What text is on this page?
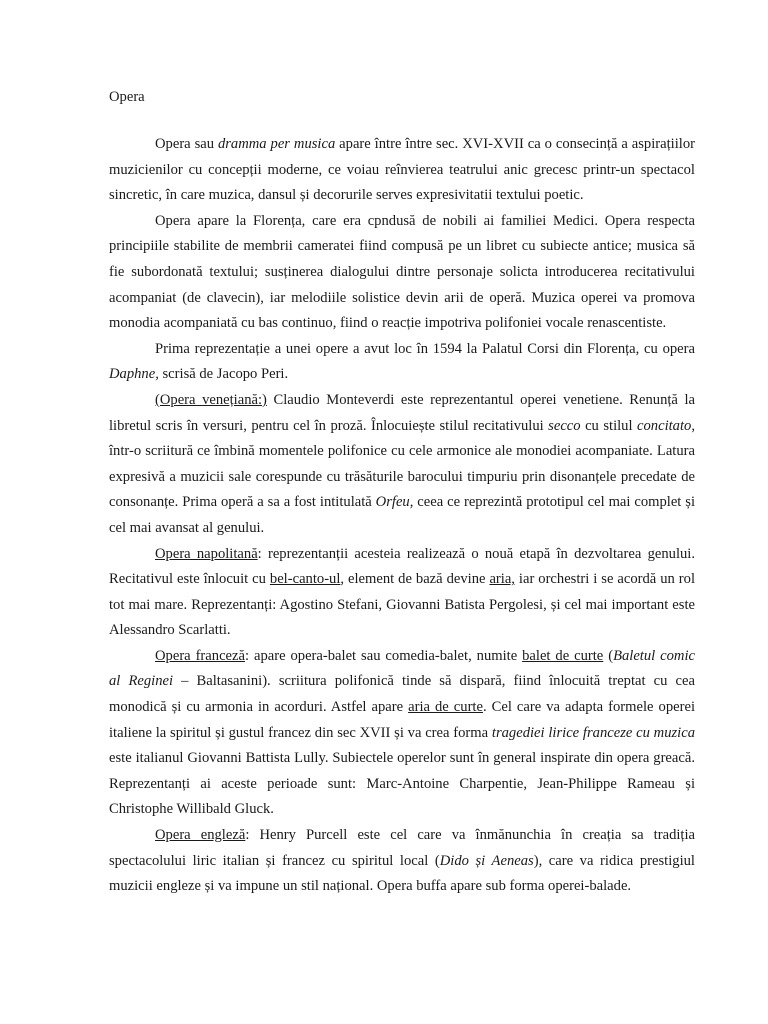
Opera

Opera sau dramma per musica apare între între sec. XVI-XVII ca o consecință a aspirațiilor muzicienilor cu concepții moderne, ce voiau reînvierea teatrului anic grecesc printr-un spectacol sincretic, în care muzica, dansul și decorurile serves expresivitatii textului poetic.

Opera apare la Florența, care era cpndusă de nobili ai familiei Medici. Opera respecta principiile stabilite de membrii cameratei fiind compusă pe un libret cu subiecte antice; musica să fie subordonată textului; susținerea dialogului dintre personaje solicta introducerea recitativului acompaniat (de clavecin), iar melodiile solistice devin arii de operă. Muzica operei va promova monodia acompaniată cu bas continuo, fiind o reacție impotriva polifoniei vocale renascentiste.

Prima reprezentație a unei opere a avut loc în 1594 la Palatul Corsi din Florența, cu opera Daphne, scrisă de Jacopo Peri.

(Opera venețiană:) Claudio Monteverdi este reprezentantul operei venetiene. Renunță la libretul scris în versuri, pentru cel în proză. Înlocuiește stilul recitativului secco cu stilul concitato, într-o scriitură ce îmbină momentele polifonice cu cele armonice ale monodiei acompaniate. Latura expresivă a muzicii sale corespunde cu trăsăturile barocului timpuriu prin disonanțele precedate de consonanțe. Prima operă a sa a fost intitulată Orfeu, ceea ce reprezintă prototipul cel mai complet și cel mai avansat al genului.

Opera napolitană: reprezentanții acesteia realizează o nouă etapă în dezvoltarea genului. Recitativul este înlocuit cu bel-canto-ul, element de bază devine aria, iar orchestri i se acordă un rol tot mai mare. Reprezentanți: Agostino Stefani, Giovanni Batista Pergolesi, și cel mai important este Alessandro Scarlatti.

Opera franceză: apare opera-balet sau comedia-balet, numite balet de curte (Baletul comic al Reginei – Baltasanini). scriitura polifonică tinde să dispară, fiind înlocuită treptat cu cea monodică și cu armonia in acorduri. Astfel apare aria de curte. Cel care va adapta formele operei italiene la spiritul și gustul francez din sec XVII și va crea forma tragediei lirice franceze cu muzica este italianul Giovanni Battista Lully. Subiectele operelor sunt în general inspirate din opera greacă. Reprezentanți ai aceste perioade sunt: Marc-Antoine Charpentie, Jean-Philippe Rameau și Christophe Willibald Gluck.

Opera engleză: Henry Purcell este cel care va înmănunchia în creația sa tradiția spectacolului liric italian și francez cu spiritul local (Dido și Aeneas), care va ridica prestigiul muzicii engleze și va impune un stil național. Opera buffa apare sub forma operei-balade.
